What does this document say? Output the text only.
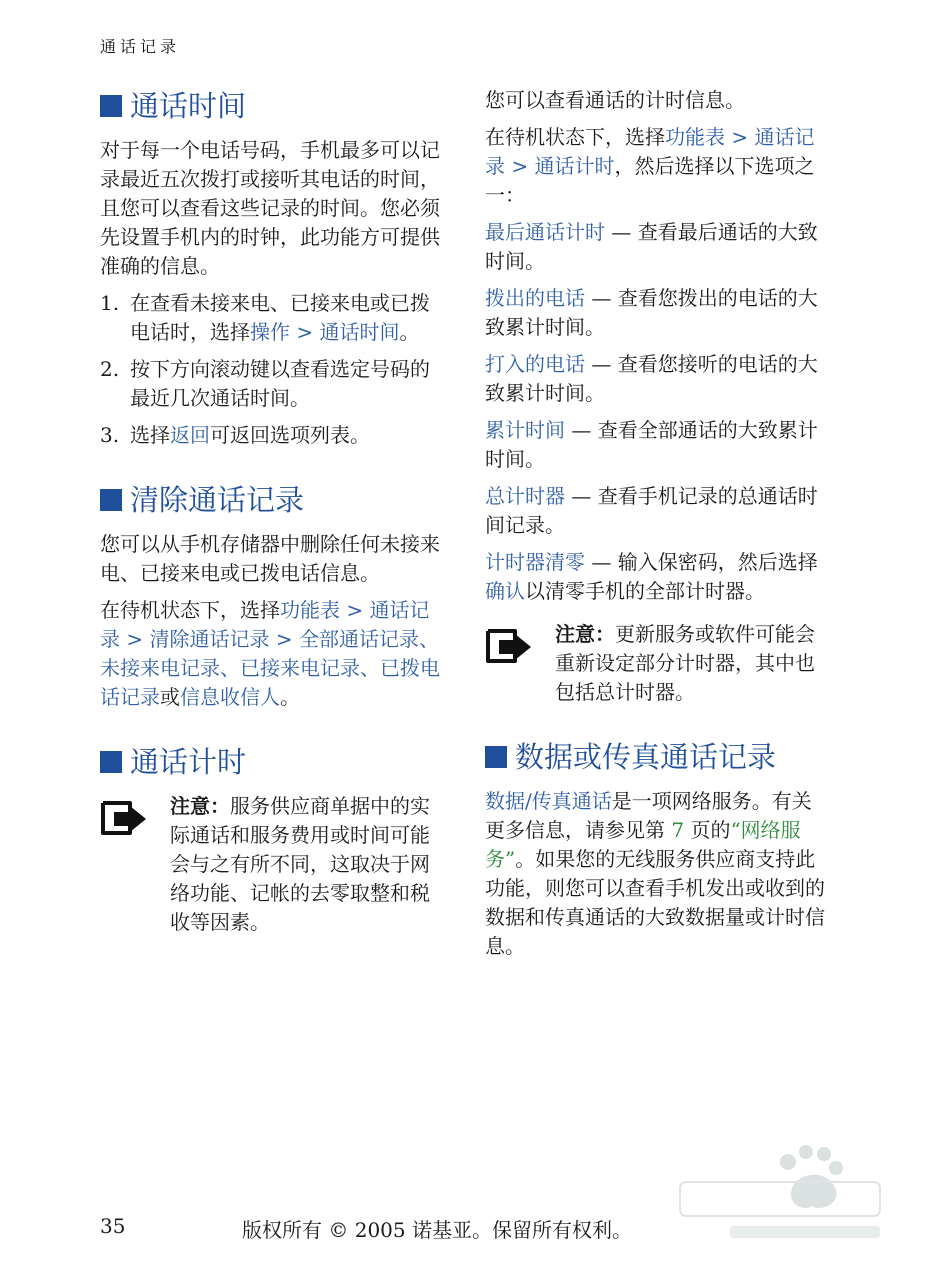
通话记录
通话时间

对于每一个电话号码，手机最多可以记录最近五次拨打或接听其电话的时间，且您可以查看这些记录的时间。您必须先设置手机内的时钟，此功能方可提供准确的信息。

1. 在查看未接来电、已接来电或已拨电话时，选择操作 > 通话时间。
2. 按下方向滚动键以查看选定号码的最近几次通话时间。
3. 选择返回可返回选项列表。
清除通话记录

您可以从手机存储器中删除任何未接来电、已接来电或已拨电话信息。

在待机状态下，选择功能表 > 通话记录 > 清除通话记录 > 全部通话记录、未接来电记录、已接来电记录、已拨电话记录或信息收信人。

通话计时
注意：服务供应商单据中的实际通话和服务费用或时间可能会与之有所不同，这取决于网络功能、记帐的去零取整和税收等因素。

您可以查看通话的计时信息。

在待机状态下，选择功能表 > 通话记录 > 通话计时，然后选择以下选项之一：

最后通话计时 — 查看最后通话的大致时间。

拨出的电话 — 查看您拨出的电话的大致累计时间。

打入的电话 — 查看您接听的电话的大致累计时间。

累计时间 — 查看全部通话的大致累计时间。

总计时器 — 查看手机记录的总通话时间记录。

计时器清零 — 输入保密码，然后选择确认以清零手机的全部计时器。

注意：更新服务或软件可能会重新设定部分计时器，其中也包括总计时器。
数据或传真通话记录

数据/传真通话是一项网络服务。有关更多信息，请参见第 7 页的“网络服务”。如果您的无线服务供应商支持此功能，则您可以查看手机发出或收到的数据和传真通话的大致数据量或计时信息。

35	版权所有 © 2005 诺基亚。保留所有权利。
